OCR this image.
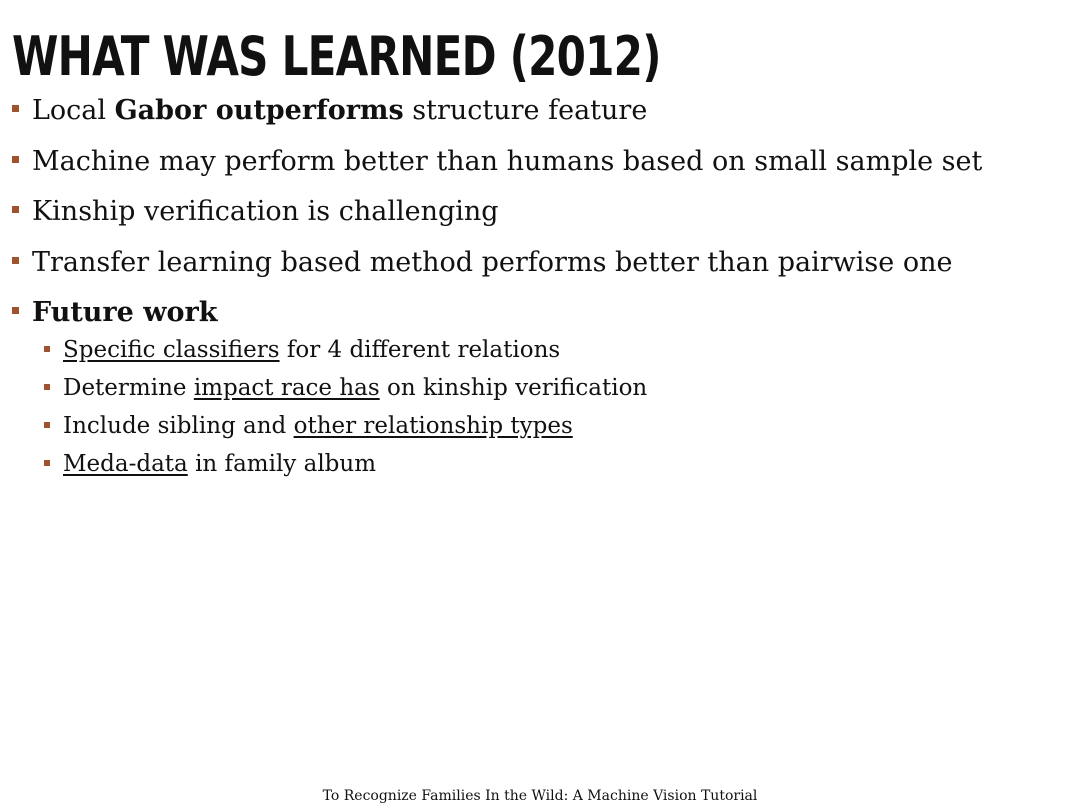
WHAT WAS LEARNED (2012)
Local Gabor outperforms structure feature
Machine may perform better than humans based on small sample set
Kinship verification is challenging
Transfer learning based method performs better than pairwise one
Future work
Specific classifiers for 4 different relations
Determine impact race has on kinship verification
Include sibling and other relationship types
Meda-data in family album
To Recognize Families In the Wild: A Machine Vision Tutorial
